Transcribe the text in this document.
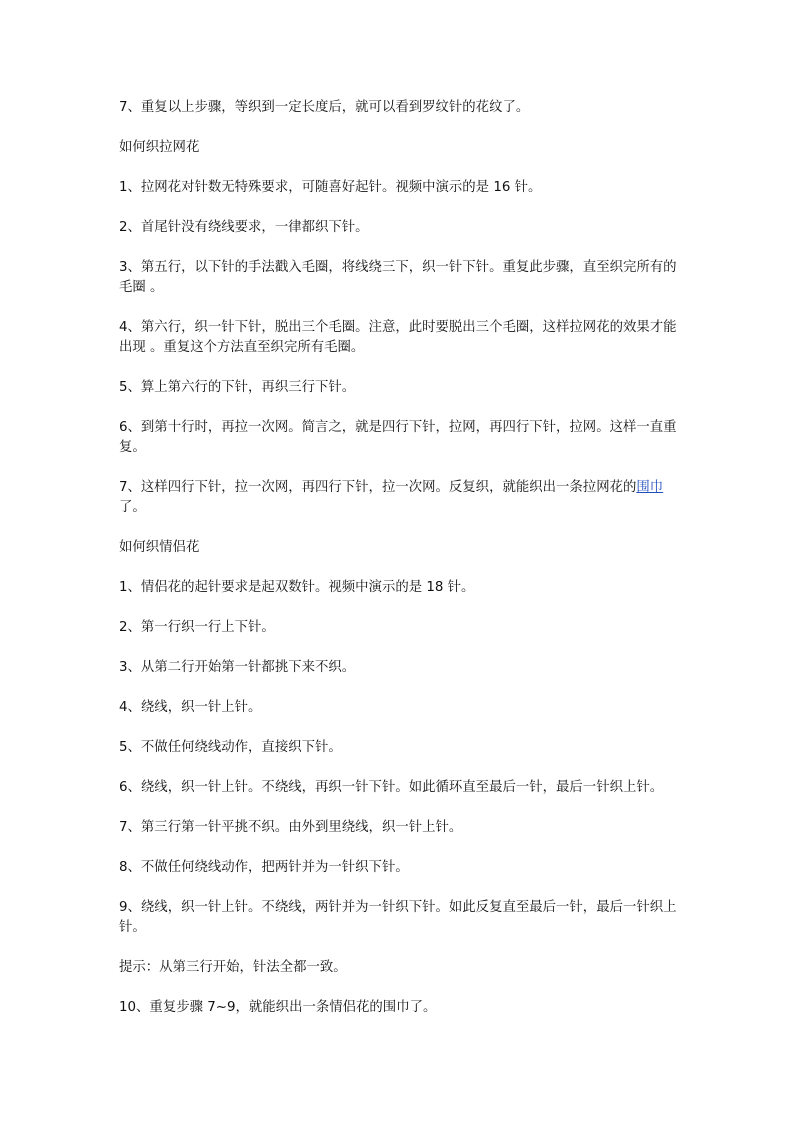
7、重复以上步骤，等织到一定长度后，就可以看到罗纹针的花纹了。

如何织拉网花

1、拉网花对针数无特殊要求，可随喜好起针。视频中演示的是 16 针。

2、首尾针没有绕线要求，一律都织下针。

3、第五行，以下针的手法戳入毛圈，将线绕三下，织一针下针。重复此步骤，直至织完所有的毛圈 。

4、第六行，织一针下针，脱出三个毛圈。注意，此时要脱出三个毛圈，这样拉网花的效果才能出现 。重复这个方法直至织完所有毛圈。

5、算上第六行的下针，再织三行下针。

6、到第十行时，再拉一次网。简言之，就是四行下针，拉网，再四行下针，拉网。这样一直重复。

7、这样四行下针，拉一次网，再四行下针，拉一次网。反复织，就能织出一条拉网花的围巾了。

如何织情侣花

1、情侣花的起针要求是起双数针。视频中演示的是 18 针。

2、第一行织一行上下针。

3、从第二行开始第一针都挑下来不织。

4、绕线，织一针上针。

5、不做任何绕线动作，直接织下针。

6、绕线，织一针上针。不绕线，再织一针下针。如此循环直至最后一针，最后一针织上针。

7、第三行第一针平挑不织。由外到里绕线，织一针上针。

8、不做任何绕线动作，把两针并为一针织下针。

9、绕线，织一针上针。不绕线，两针并为一针织下针。如此反复直至最后一针，最后一针织上针。

提示：从第三行开始，针法全都一致。

10、重复步骤 7~9，就能织出一条情侣花的围巾了。
